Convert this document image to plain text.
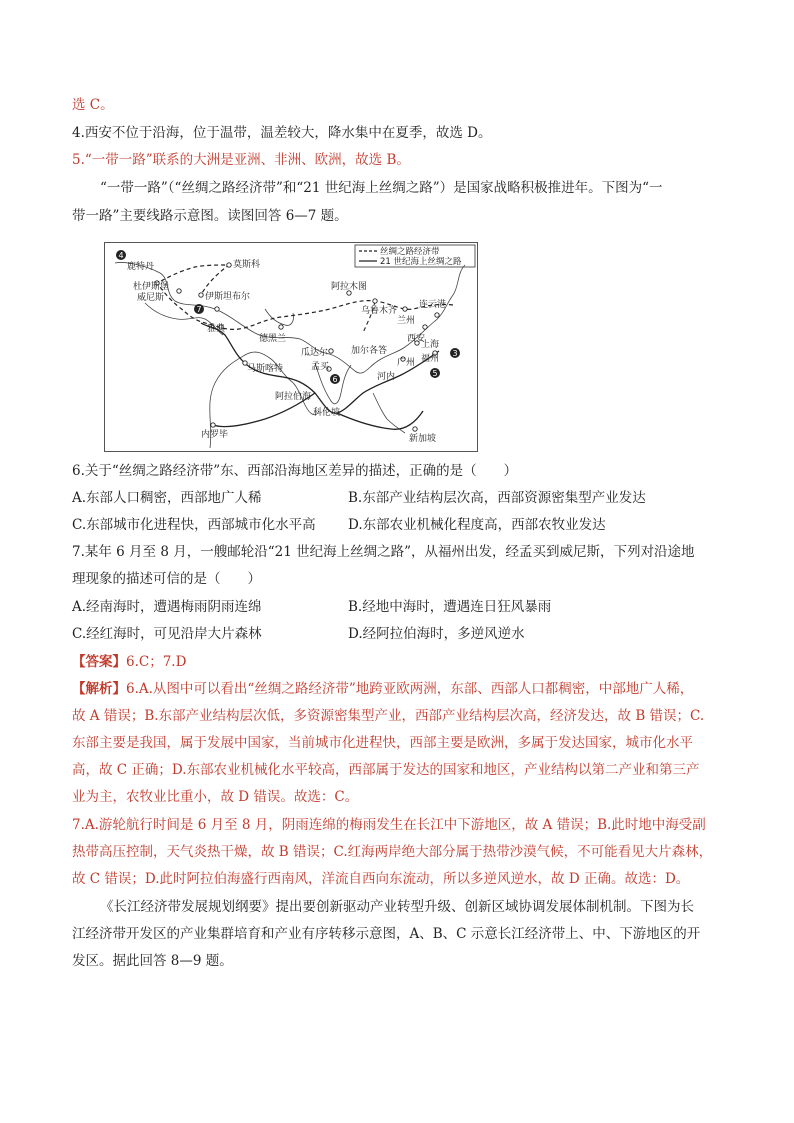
选 C。
4.西安不位于沿海，位于温带，温差较大，降水集中在夏季，故选 D。
5.“一带一路”联系的大洲是亚洲、非洲、欧洲，故选 B。
“一带一路”（“丝绸之路经济带”和“21 世纪海上丝绸之路”）是国家战略积极推进年。下图为“一
带一路”主要线路示意图。读图回答 6—7 题。
丝绸之路经济带
21 世纪海上丝绸之路
4
7
6
3
5
莫斯科
鹿特丹
杜伊斯堡
威尼斯	伊斯坦布尔
雅典
德黑兰
马斯喀特
阿拉木图
乌鲁木齐
兰州
西安
连云港
上海
广州 福州
河内
瓜达尔
孟买
加尔各答
科伦坡
阿拉伯海
内罗毕	新加坡
6.关于“丝绸之路经济带”东、西部沿海地区差异的描述，正确的是（　　）
A.东部人口稠密，西部地广人稀	B.东部产业结构层次高，西部资源密集型产业发达
C.东部城市化进程快，西部城市化水平高 D.东部农业机械化程度高，西部农牧业发达
7.某年 6 月至 8 月，一艘邮轮沿“21 世纪海上丝绸之路”，从福州出发，经孟买到威尼斯，下列对沿途地
理现象的描述可信的是（　　）
A.经南海时，遭遇梅雨阴雨连绵	B.经地中海时，遭遇连日狂风暴雨
C.经红海时，可见沿岸大片森林	D.经阿拉伯海时，多逆风逆水
【答案】6.C；7.D
【解析】6.A.从图中可以看出“丝绸之路经济带”地跨亚欧两洲，东部、西部人口都稠密，中部地广人稀，
故 A 错误；B.东部产业结构层次低，多资源密集型产业，西部产业结构层次高，经济发达，故 B 错误；C.
东部主要是我国，属于发展中国家，当前城市化进程快，西部主要是欧洲，多属于发达国家，城市化水平
高，故 C 正确；D.东部农业机械化水平较高，西部属于发达的国家和地区，产业结构以第二产业和第三产
业为主，农牧业比重小，故 D 错误。故选：C。
7.A.游轮航行时间是 6 月至 8 月，阴雨连绵的梅雨发生在长江中下游地区，故 A 错误；B.此时地中海受副
热带高压控制，天气炎热干燥，故 B 错误；C.红海两岸绝大部分属于热带沙漠气候，不可能看见大片森林，
故 C 错误；D.此时阿拉伯海盛行西南风，洋流自西向东流动，所以多逆风逆水，故 D 正确。故选：D。
《长江经济带发展规划纲要》提出要创新驱动产业转型升级、创新区域协调发展体制机制。下图为长
江经济带开发区的产业集群培育和产业有序转移示意图，A、B、C 示意长江经济带上、中、下游地区的开
发区。据此回答 8—9 题。
